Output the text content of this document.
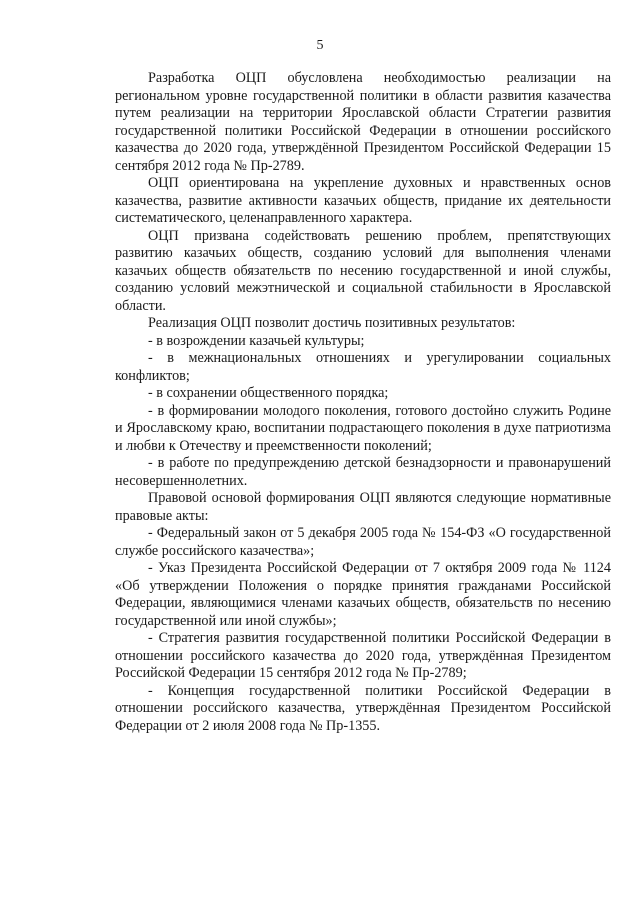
5

Разработка ОЦП обусловлена необходимостью реализации на региональном уровне государственной политики в области развития казачества путем реализации на территории Ярославской области Стратегии развития государственной политики Российской Федерации в отношении российского казачества до 2020 года, утверждённой Президентом Российской Федерации 15 сентября 2012 года № Пр-2789.

ОЦП ориентирована на укрепление духовных и нравственных основ казачества, развитие активности казачьих обществ, придание их деятельности систематического, целенаправленного характера.

ОЦП призвана содействовать решению проблем, препятствующих развитию казачьих обществ, созданию условий для выполнения членами казачьих обществ обязательств по несению государственной и иной службы, созданию условий межэтнической и социальной стабильности в Ярославской области.

Реализация ОЦП позволит достичь позитивных результатов:

- в возрождении казачьей культуры;

- в межнациональных отношениях и урегулировании социальных конфликтов;

- в сохранении общественного порядка;

- в формировании молодого поколения, готового достойно служить Родине и Ярославскому краю, воспитании подрастающего поколения в духе патриотизма и любви к Отечеству и преемственности поколений;

- в работе по предупреждению детской безнадзорности и правонарушений несовершеннолетних.

Правовой основой формирования ОЦП являются следующие нормативные правовые акты:

- Федеральный закон от 5 декабря 2005 года № 154-ФЗ «О государственной службе российского казачества»;

- Указ Президента Российской Федерации от 7 октября 2009 года № 1124 «Об утверждении Положения о порядке принятия гражданами Российской Федерации, являющимися членами казачьих обществ, обязательств по несению государственной или иной службы»;

- Стратегия развития государственной политики Российской Федерации в отношении российского казачества до 2020 года, утверждённая Президентом Российской Федерации 15 сентября 2012 года № Пр-2789;

- Концепция государственной политики Российской Федерации в отношении российского казачества, утверждённая Президентом Российской Федерации от 2 июля 2008 года № Пр-1355.
